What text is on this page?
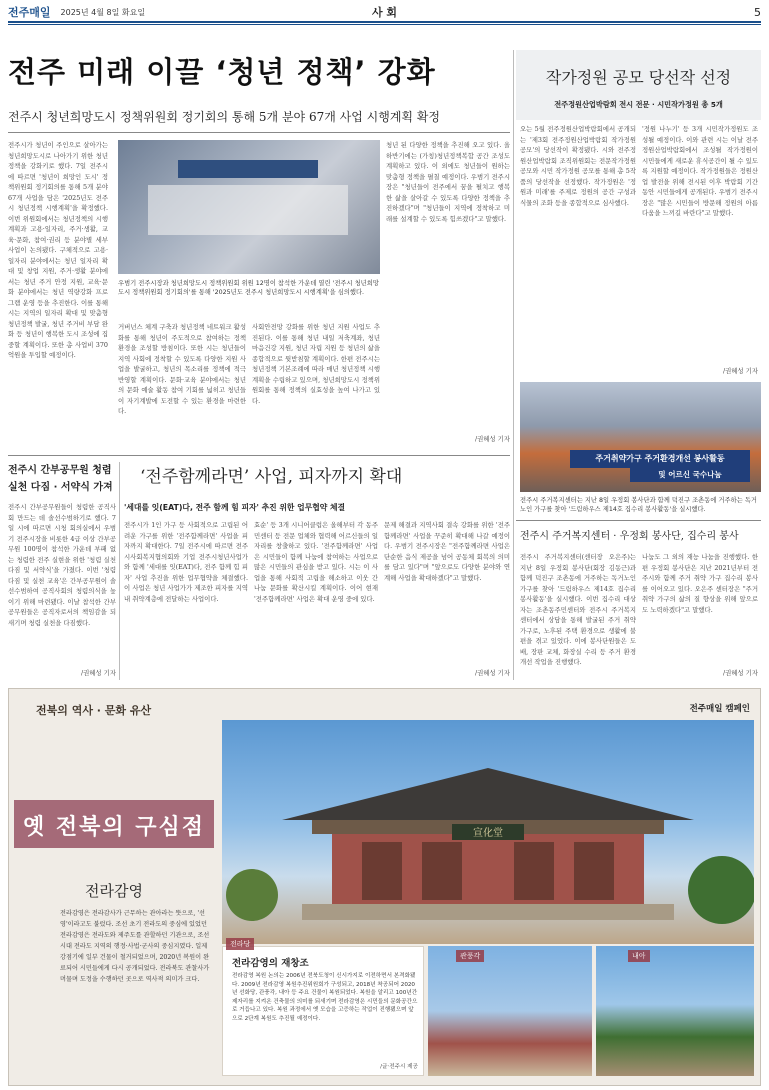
전주매일 2025년 4월 8일 화요일	사 회	5
전주 미래 이끌 ‘청년 정책’ 강화
전주시 청년희망도시 정책위원회 정기회의 통해 5개 분야 67개 사업 시행계획 확정
전주시가 청년이 주인으로 살아가는 청년희망도시로 나아가기 위한 청년정책을 강화키로 했다. 7일 전주시에 따르면 '청년이 희망인 도시' 정책위원회 정기회의를 통해 5개 분야 67개 사업을 담은 '2025년도 전주시 청년정책 시행계획'을 확정했다. 이번 위원회에서는 청년정책의 시행계획과 고용·일자리, 주거·생활, 교육·문화, 참여·권리 등 분야별 세부사업이 논의됐다. 구체적으로 고용·일자리 분야에서는 청년 일자리 확대 및 창업 지원, 주거·생활 분야에서는 청년 주거 안정 지원, 교육·문화 분야에서는 청년 역량강화 프로그램 운영 등을 추진한다. 이를 통해 시는 지역의 일자리 확대 및 맞춤형 청년정책 발굴, 청년 주거비 부담 완화 등 청년이 행복한 도시 조성에 집중할 계획이다. 또한 총 사업비 370억원을 투입할 예정이다.
우범기 전주시장과 청년희망도시 정책위원회 위원 12명이 참석한 가운데 열린 '전주시 청년희망도시 정책위원회 정기회의'를 통해 '2025년도 전주시 청년희망도시 시행계획'을 심의했다.
거버넌스 체계 구축과 청년정책 네트워크 활성화를 통해 청년이 주도적으로 참여하는 정책 환경을 조성할 방침이다. 또한 시는 청년들이 지역 사회에 정착할 수 있도록 다양한 지원 사업을 발굴하고, 청년의 목소리를 정책에 적극 반영할 계획이다. 문화·교육 분야에서는 청년의 문화 예술 활동 참여 기회를 넓히고 청년들이 자기계발에 도전할 수 있는 환경을 마련한다.
사회안전망 강화를 위한 청년 지원 사업도 추진된다. 이를 통해 청년 내일 저축계좌, 청년 마음건강 지원, 청년 자립 지원 등 청년의 삶을 종합적으로 뒷받침할 계획이다. 한편 전주시는 청년정책 기본조례에 따라 매년 청년정책 시행계획을 수립하고 있으며, 청년희망도시 정책위원회를 통해 정책의 실효성을 높여 나가고 있다.
청년 된 다양한 정책을 추진해 오고 있다. 올 하반기에는 (가칭)청년정책복합 공간 조성도 계획하고 있다. 이 외에도 청년들이 원하는 맞춤형 정책을 펼칠 예정이다. 우범기 전주시장은 "청년들이 전주에서 꿈을 펼치고 행복한 삶을 살아갈 수 있도록 다양한 정책을 추진하겠다"며 "청년들이 지역에 정착하고 미래를 설계할 수 있도록 힘쓰겠다"고 말했다.
/권혜성 기자
작가정원 공모 당선작 선정
전주정원산업박람회 전시 전문 · 시민작가정원 총 5개
오는 5월 전주정원산업박람회에서 공개되는 '제3회 전주정원산업박람회 작가정원 공모'의 당선작이 확정됐다. 시와 전주정원산업박람회 조직위원회는 전문작가정원 공모와 시민 작가정원 공모를 통해 총 5작품의 당선작을 선정했다. 작가정원은 '정원과 미래'를 주제로 정원의 공간 구성과 식물의 조화 등을 종합적으로 심사했다.
'정원 나누기' 등 3개 시민작가정원도 조성될 예정이다. 이와 관련 시는 이날 전주정원산업박람회에서 조성될 작가정원이 시민들에게 새로운 휴식공간이 될 수 있도록 지원할 예정이다. 작가정원들은 정원산업 발전을 위해 전시된 이후 박람회 기간 동안 시민들에게 공개된다. 우범기 전주시장은 "많은 시민들이 방문해 정원의 아름다움을 느끼길 바란다"고 말했다.
/권혜성 기자
주거취약가구 주거환경개선 봉사활동
및 어르신 국수나눔
전주시 주거복지센터는 지난 8일 우정회 봉사단과 함께 덕진구 조촌동에 거주하는 독거노인 가구를 찾아 '드림하우스 제14호 집수리 봉사활동'을 실시했다.
전주시 간부공무원 청렴
실천 다짐 · 서약식 가져
전주시 간부공무원들이 청렴한 공직사회 만드는 데 솔선수범하기로 했다. 7일 시에 따르면 시청 회의실에서 우범기 전주시장을 비롯한 4급 이상 간부공무원 100명이 참석한 가운데 부패 없는 청렴한 전주 실현을 위한 '청렴 실천 다짐 및 서약식'을 가졌다. 이번 '청렴 다짐 및 실천 교육'은 간부공무원이 솔선수범하여 공직사회의 청렴의식을 높이기 위해 마련됐다. 이날 참석한 간부 공무원들은 공직자로서의 책임감을 되새기며 청렴 실천을 다짐했다.
/권혜성 기자
‘전주함께라면’ 사업, 피자까지 확대
'세대를 잇(EAT)다, 전주 함께 힘 피자' 추진 위한 업무협약 체결
전주시가 1인 가구 등 사회적으로 고립된 어려운 가구를 위한 '전주함께라면' 사업을 피자까지 확대한다. 7일 전주시에 따르면 전주시사회복지협의회와 기업 전주시청년사업가와 함께 '세대를 잇(EAT)다, 전주 함께 힘 피자' 사업 추진을 위한 업무협약을 체결했다. 이 사업은 청년 사업가가 제조한 피자를 지역 내 취약계층에 전달하는 사업이다.
효순' 등 3개 시니어클럽은 올해부터 각 동주민센터 등 전문 업체와 협력해 어르신들의 일자리를 창출하고 있다. '전주함께라면' 사업은 시민들이 함께 나눔에 참여하는 사업으로 많은 시민들의 관심을 받고 있다. 시는 이 사업을 통해 사회적 고립을 해소하고 이웃 간 나눔 문화를 확산시킬 계획이다. 이어 현재 '전주함께라면' 사업은 확대 운영 중에 있다.
문제 해결과 지역사회 결속 강화를 위한 '전주함께라면' 사업을 꾸준히 확대해 나갈 예정이다. 우범기 전주시장은 "전주함께라면 사업은 단순한 음식 제공을 넘어 공동체 회복의 의미를 담고 있다"며 "앞으로도 다양한 분야와 연계해 사업을 확대하겠다"고 말했다.
/권혜성 기자
전주시 주거복지센터 · 우정회 봉사단, 집수리 봉사
전주시 주거복지센터(센터장 오은주)는 지난 8일 우정회 봉사단(회장 김동근)과 함께 덕진구 조촌동에 거주하는 독거노인 가구를 찾아 '드림하우스 제14호 집수리 봉사활동'을 실시했다. 이번 집수리 대상자는 조촌동주민센터와 전주시 주거복지센터에서 상담을 통해 발굴된 주거 취약 가구로, 노후된 주택 환경으로 생활에 불편을 겪고 있었다. 이에 봉사단원들은 도배, 장판 교체, 화장실 수리 등 주거 환경 개선 작업을 진행했다.
나눔도 그 외의 재능 나눔을 진행했다. 한편 우정회 봉사단은 지난 2021년부터 전주시와 함께 주거 취약 가구 집수리 봉사를 이어오고 있다. 오은주 센터장은 "주거 취약 가구의 삶의 질 향상을 위해 앞으로도 노력하겠다"고 말했다.
/권혜성 기자
전북의 역사 · 문화 유산
옛 전북의 구심점
전라감영
전라감영은 전라감사가 근무하는 관아라는 뜻으로, '선영'이라고도 불렀다. 조선 초기 전라도의 중심에 있었던 전라감영은 전라도와 제주도를 관할하던 기관으로, 조선시대 전라도 지역의 행정·사법·군사의 중심지였다. 일제강점기에 일부 건물이 철거되었으며, 2020년 복원이 완료되어 시민들에게 다시 공개되었다. 전라북도 관찰사가 머물며 도정을 수행하던 곳으로 역사적 의미가 크다.
전주매일 캠페인
宣化堂
전라당
전라감영의 재창조
전라감영 복원 논의는 2006년 전북도청이 신시가지로 이전하면서 본격화됐다. 2009년 전라감영 복원추진위원회가 구성되고, 2018년 착공되어 2020년 선화당, 관풍각, 내아 등 주요 건물이 복원되었다. 복원을 알리고 100년간 제자리를 지켜온 건축물의 의미를 되새기며 전라감영은 시민들의 문화공간으로 거듭나고 있다. 복원 과정에서 옛 모습을 고증하는 작업이 진행됐으며 앞으로 2단계 복원도 추진될 예정이다.
/글·전주시 제공
관풍각	내아
